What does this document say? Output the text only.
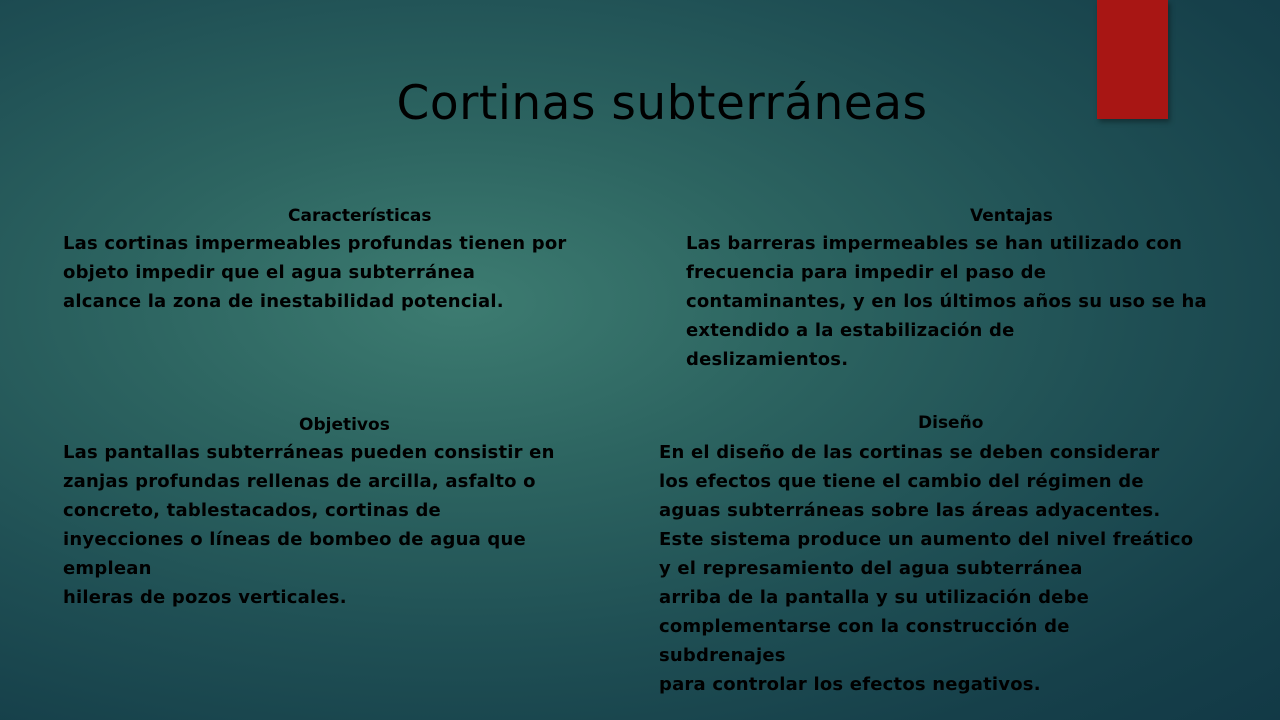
Cortinas subterráneas
Características
Las cortinas impermeables profundas tienen por
objeto impedir que el agua subterránea
alcance la zona de inestabilidad potencial.
Ventajas
Las barreras impermeables se han utilizado con
frecuencia para impedir el paso de
contaminantes, y en los últimos años su uso se ha
extendido a la estabilización de
deslizamientos.
Objetivos
Las pantallas subterráneas pueden consistir en
zanjas profundas rellenas de arcilla, asfalto o
concreto, tablestacados, cortinas de
inyecciones o líneas de bombeo de agua que
emplean
hileras de pozos verticales.
Diseño
En el diseño de las cortinas se deben considerar
los efectos que tiene el cambio del régimen de
aguas subterráneas sobre las áreas adyacentes.
Este sistema produce un aumento del nivel freático
y el represamiento del agua subterránea
arriba de la pantalla y su utilización debe
complementarse con la construcción de
subdrenajes
para controlar los efectos negativos.
